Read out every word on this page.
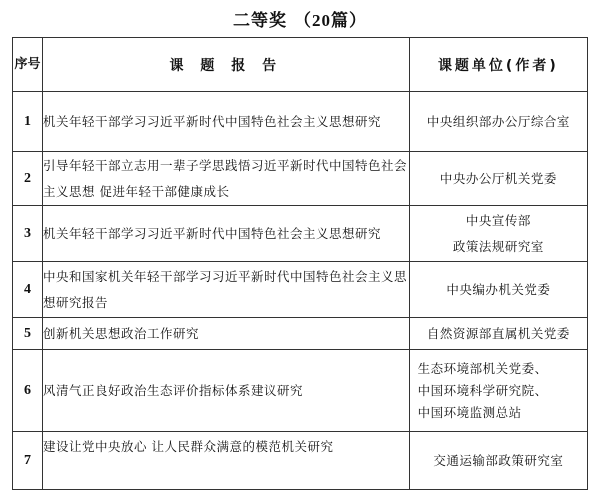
二等奖 （20篇）
序号	课 题 报 告	课题单位(作者)
1	机关年轻干部学习习近平新时代中国特色社会主义思想研究	中央组织部办公厅综合室

2	引导年轻干部立志用一辈子学思践悟习近平新时代中国特色社会主义思想 促进年轻干部健康成长	中央办公厅机关党委

3	机关年轻干部学习习近平新时代中国特色社会主义思想研究	中央宣传部
政策法规研究室

4	中央和国家机关年轻干部学习习近平新时代中国特色社会主义思想研究报告	中央编办机关党委

5	创新机关思想政治工作研究	自然资源部直属机关党委

6	风清气正良好政治生态评价指标体系建议研究	生态环境部机关党委、
中国环境科学研究院、
中国环境监测总站

7	建设让党中央放心 让人民群众满意的模范机关研究	交通运输部政策研究室
